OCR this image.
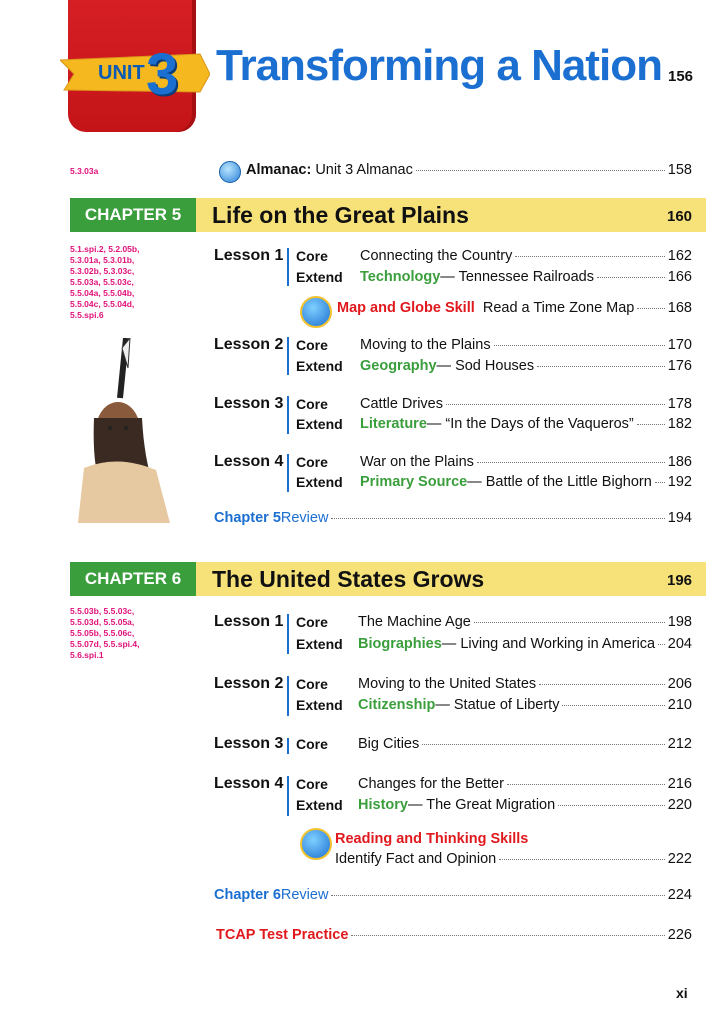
UNIT 3 Transforming a Nation 156
5.3.03a	Almanac:
Unit 3 Almanac	158
CHAPTER 5	Life on the Great Plains	160
5.1.spi.2, 5.2.05b,
5.3.01a, 5.3.01b,
5.3.02b, 5.3.03c,
5.5.03a, 5.5.03c,
5.5.04a, 5.5.04b,
5.5.04c, 5.5.04d,
5.5.spi.6
Lesson 1 Core Connecting the Country	162
Extend Technology — Tennessee Railroads	166
Map and Globe Skill
Read a Time Zone Map 168
Lesson 2 Core Moving to the Plains	170
Extend Geography — Sod Houses	176
Lesson 3 Core Cattle Drives	178
Extend Literature — “In the Days of the Vaqueros” 182
Lesson 4 Core War on the Plains	186
Extend Primary Source — Battle of the Little Bighorn 192
Chapter 5 Review	194
CHAPTER 6	The United States Grows	196
5.5.03b, 5.5.03c,
5.5.03d, 5.5.05a,
5.5.05b, 5.5.06c,
5.5.07d, 5.5.spi.4,
5.6.spi.1
Lesson 1 Core The Machine Age	198
Extend Biographies — Living and Working in America 204
Lesson 2 Core Moving to the United States	206
Extend Citizenship — Statue of Liberty	210
Lesson 3 Core Big Cities	212
Lesson 4 Core Changes for the Better	216
Extend History — The Great Migration	220
Reading and Thinking Skills
Identify Fact and Opinion	222
Chapter 6 Review	224
TCAP Test Practice	226
xi
